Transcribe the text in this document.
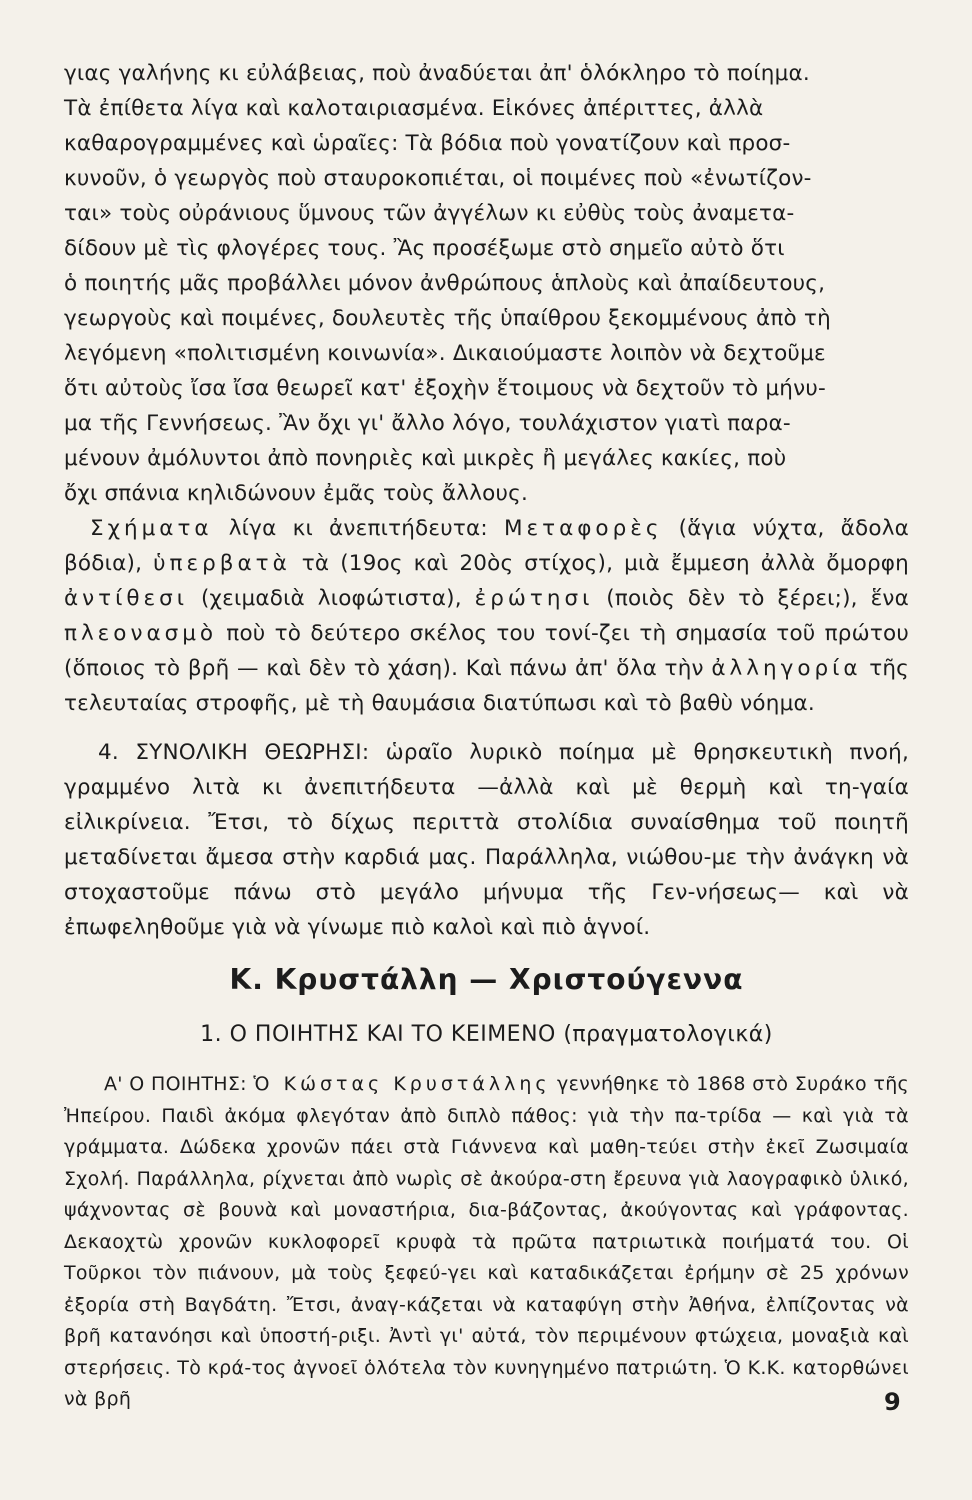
γιας γαλήνης κι εὐλάβειας, ποὺ ἀναδύεται ἀπ' ὁλόκληρο τὸ ποίημα.

Τὰ ἐπίθετα λίγα καὶ καλοταιριασμένα. Εἰκόνες ἀπέριττες, ἀλλὰ

καθαρογραμμένες καὶ ὡραῖες: Τὰ βόδια ποὺ γονατίζουν καὶ προσ-

κυνοῦν, ὁ γεωργὸς ποὺ σταυροκοπιέται, οἱ ποιμένες ποὺ «ἐνωτίζον-

ται» τοὺς οὐράνιους ὕμνους τῶν ἀγγέλων κι εὐθὺς τοὺς ἀναμετα-

δίδουν μὲ τὶς φλογέρες τους. Ἂς προσέξωμε στὸ σημεῖο αὐτὸ ὅτι

ὁ ποιητής μᾶς προβάλλει μόνον ἀνθρώπους ἁπλοὺς καὶ ἀπαίδευτους,

γεωργοὺς καὶ ποιμένες, δουλευτὲς τῆς ὑπαίθρου ξεκομμένους ἀπὸ τὴ

λεγόμενη «πολιτισμένη κοινωνία». Δικαιούμαστε λοιπὸν νὰ δεχτοῦμε

ὅτι αὐτοὺς ἴσα ἴσα θεωρεῖ κατ' ἐξοχὴν ἕτοιμους νὰ δεχτοῦν τὸ μήνυ-

μα τῆς Γεννήσεως. Ἂν ὄχι γι' ἄλλο λόγο, τουλάχιστον γιατὶ παρα-

μένουν ἀμόλυντοι ἀπὸ πονηριὲς καὶ μικρὲς ἢ μεγάλες κακίες, ποὺ

ὄχι σπάνια κηλιδώνουν ἐμᾶς τοὺς ἄλλους.

Σχήματα λίγα κι ἀνεπιτήδευτα: Μεταφορὲς (ἅγια νύχτα, ἄδολα βόδια), ὑπερβατὰ τὰ (19ος καὶ 20ὸς στίχος), μιὰ ἔμμεση ἀλλὰ ὄμορφη ἀντίθεσι (χειμαδιὰ λιοφώτιστα), ἐρώτησι (ποιὸς δὲν τὸ ξέρει;), ἕνα πλεονασμὸ ποὺ τὸ δεύτερο σκέλος του τονί-ζει τὴ σημασία τοῦ πρώτου (ὅποιος τὸ βρῆ — καὶ δὲν τὸ χάση). Καὶ πάνω ἀπ' ὅλα τὴν ἀλληγορία τῆς τελευταίας στροφῆς, μὲ τὴ θαυμάσια διατύπωσι καὶ τὸ βαθὺ νόημα.

4. ΣΥΝΟΛΙΚΗ ΘΕΩΡΗΣΙ: ὡραῖο λυρικὸ ποίημα μὲ θρησκευτικὴ πνοή, γραμμένο λιτὰ κι ἀνεπιτήδευτα —ἀλλὰ καὶ μὲ θερμὴ καὶ τη-γαία εἰλικρίνεια. Ἔτσι, τὸ δίχως περιττὰ στολίδια συναίσθημα τοῦ ποιητῆ μεταδίνεται ἄμεσα στὴν καρδιά μας. Παράλληλα, νιώθου-με τὴν ἀνάγκη νὰ στοχαστοῦμε πάνω στὸ μεγάλο μήνυμα τῆς Γεν-νήσεως— καὶ νὰ ἐπωφεληθοῦμε γιὰ νὰ γίνωμε πιὸ καλοὶ καὶ πιὸ ἁγνοί.

Κ. Κρυστάλλη — Χριστούγεννα
1. Ο ΠΟΙΗΤΗΣ ΚΑΙ ΤΟ ΚΕΙΜΕΝΟ (πραγματολογικά)

Α' Ο ΠΟΙΗΤΗΣ: Ὁ Κώστας Κρυστάλλης γεννήθηκε τὸ 1868 στὸ Συράκο τῆς Ἠπείρου. Παιδὶ ἀκόμα φλεγόταν ἀπὸ διπλὸ πάθος: γιὰ τὴν πα-τρίδα — καὶ γιὰ τὰ γράμματα. Δώδεκα χρονῶν πάει στὰ Γιάννενα καὶ μαθη-τεύει στὴν ἐκεῖ Ζωσιμαία Σχολή. Παράλληλα, ρίχνεται ἀπὸ νωρὶς σὲ ἀκούρα-στη ἔρευνα γιὰ λαογραφικὸ ὑλικό, ψάχνοντας σὲ βουνὰ καὶ μοναστήρια, δια-βάζοντας, ἀκούγοντας καὶ γράφοντας. Δεκαοχτὼ χρονῶν κυκλοφορεῖ κρυφὰ τὰ πρῶτα πατριωτικὰ ποιήματά του. Οἱ Τοῦρκοι τὸν πιάνουν, μὰ τοὺς ξεφεύ-γει καὶ καταδικάζεται ἐρήμην σὲ 25 χρόνων ἐξορία στὴ Βαγδάτη. Ἔτσι, ἀναγ-κάζεται νὰ καταφύγη στὴν Ἀθήνα, ἐλπίζοντας νὰ βρῆ κατανόησι καὶ ὑποστή-ριξι. Ἀντὶ γι' αὐτά, τὸν περιμένουν φτώχεια, μοναξιὰ καὶ στερήσεις. Τὸ κρά-τος ἀγνοεῖ ὁλότελα τὸν κυνηγημένο πατριώτη. Ὁ Κ.Κ. κατορθώνει νὰ βρῆ	9
